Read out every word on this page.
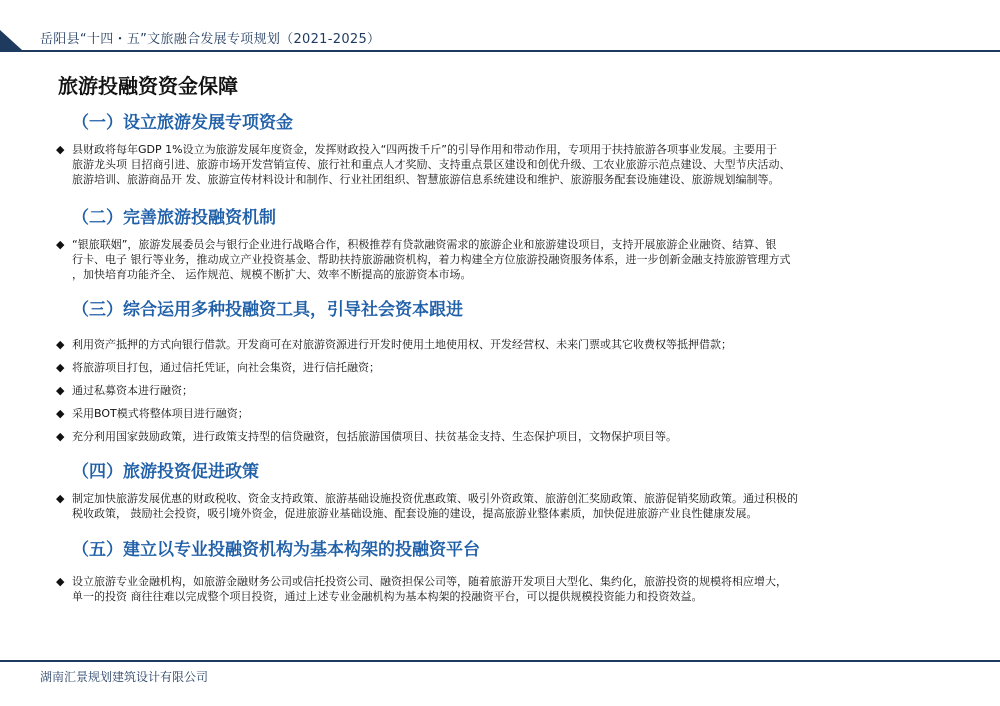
岳阳县“十四・五”文旅融合发展专项规划（2021-2025）
旅游投融资资金保障
（一）设立旅游发展专项资金
◆ 县财政将每年GDP 1%设立为旅游发展年度资金，发挥财政投入“四两拨千斤”的引导作用和带动作用，专项用于扶持旅游各项事业发展。主要用于
旅游龙头项 目招商引进、旅游市场开发营销宣传、旅行社和重点人才奖励、支持重点景区建设和创优升级、工农业旅游示范点建设、大型节庆活动、
旅游培训、旅游商品开 发、旅游宣传材料设计和制作、行业社团组织、智慧旅游信息系统建设和维护、旅游服务配套设施建设、旅游规划编制等。
（二）完善旅游投融资机制
◆ “银旅联姻”，旅游发展委员会与银行企业进行战略合作，积极推荐有贷款融资需求的旅游企业和旅游建设项目，支持开展旅游企业融资、结算、银
行卡、电子 银行等业务，推动成立产业投资基金、帮助扶持旅游融资机构，着力构建全方位旅游投融资服务体系，进一步创新金融支持旅游管理方式
，加快培育功能齐全、 运作规范、规模不断扩大、效率不断提高的旅游资本市场。
（三）综合运用多种投融资工具，引导社会资本跟进
◆ 利用资产抵押的方式向银行借款。开发商可在对旅游资源进行开发时使用土地使用权、开发经营权、未来门票或其它收费权等抵押借款；
◆ 将旅游项目打包，通过信托凭证，向社会集资，进行信托融资；
◆ 通过私募资本进行融资；
◆ 采用BOT模式将整体项目进行融资；
◆ 充分利用国家鼓励政策，进行政策支持型的信贷融资，包括旅游国债项目、扶贫基金支持、生态保护项目，文物保护项目等。
（四）旅游投资促进政策
◆ 制定加快旅游发展优惠的财政税收、资金支持政策、旅游基础设施投资优惠政策、吸引外资政策、旅游创汇奖励政策、旅游促销奖励政策。通过积极的
税收政策， 鼓励社会投资，吸引境外资金，促进旅游业基础设施、配套设施的建设，提高旅游业整体素质，加快促进旅游产业良性健康发展。
（五）建立以专业投融资机构为基本构架的投融资平台
◆ 设立旅游专业金融机构，如旅游金融财务公司或信托投资公司、融资担保公司等，随着旅游开发项目大型化、集约化，旅游投资的规模将相应增大，
单一的投资 商往往难以完成整个项目投资，通过上述专业金融机构为基本构架的投融资平台，可以提供规模投资能力和投资效益。
湖南汇景规划建筑设计有限公司
